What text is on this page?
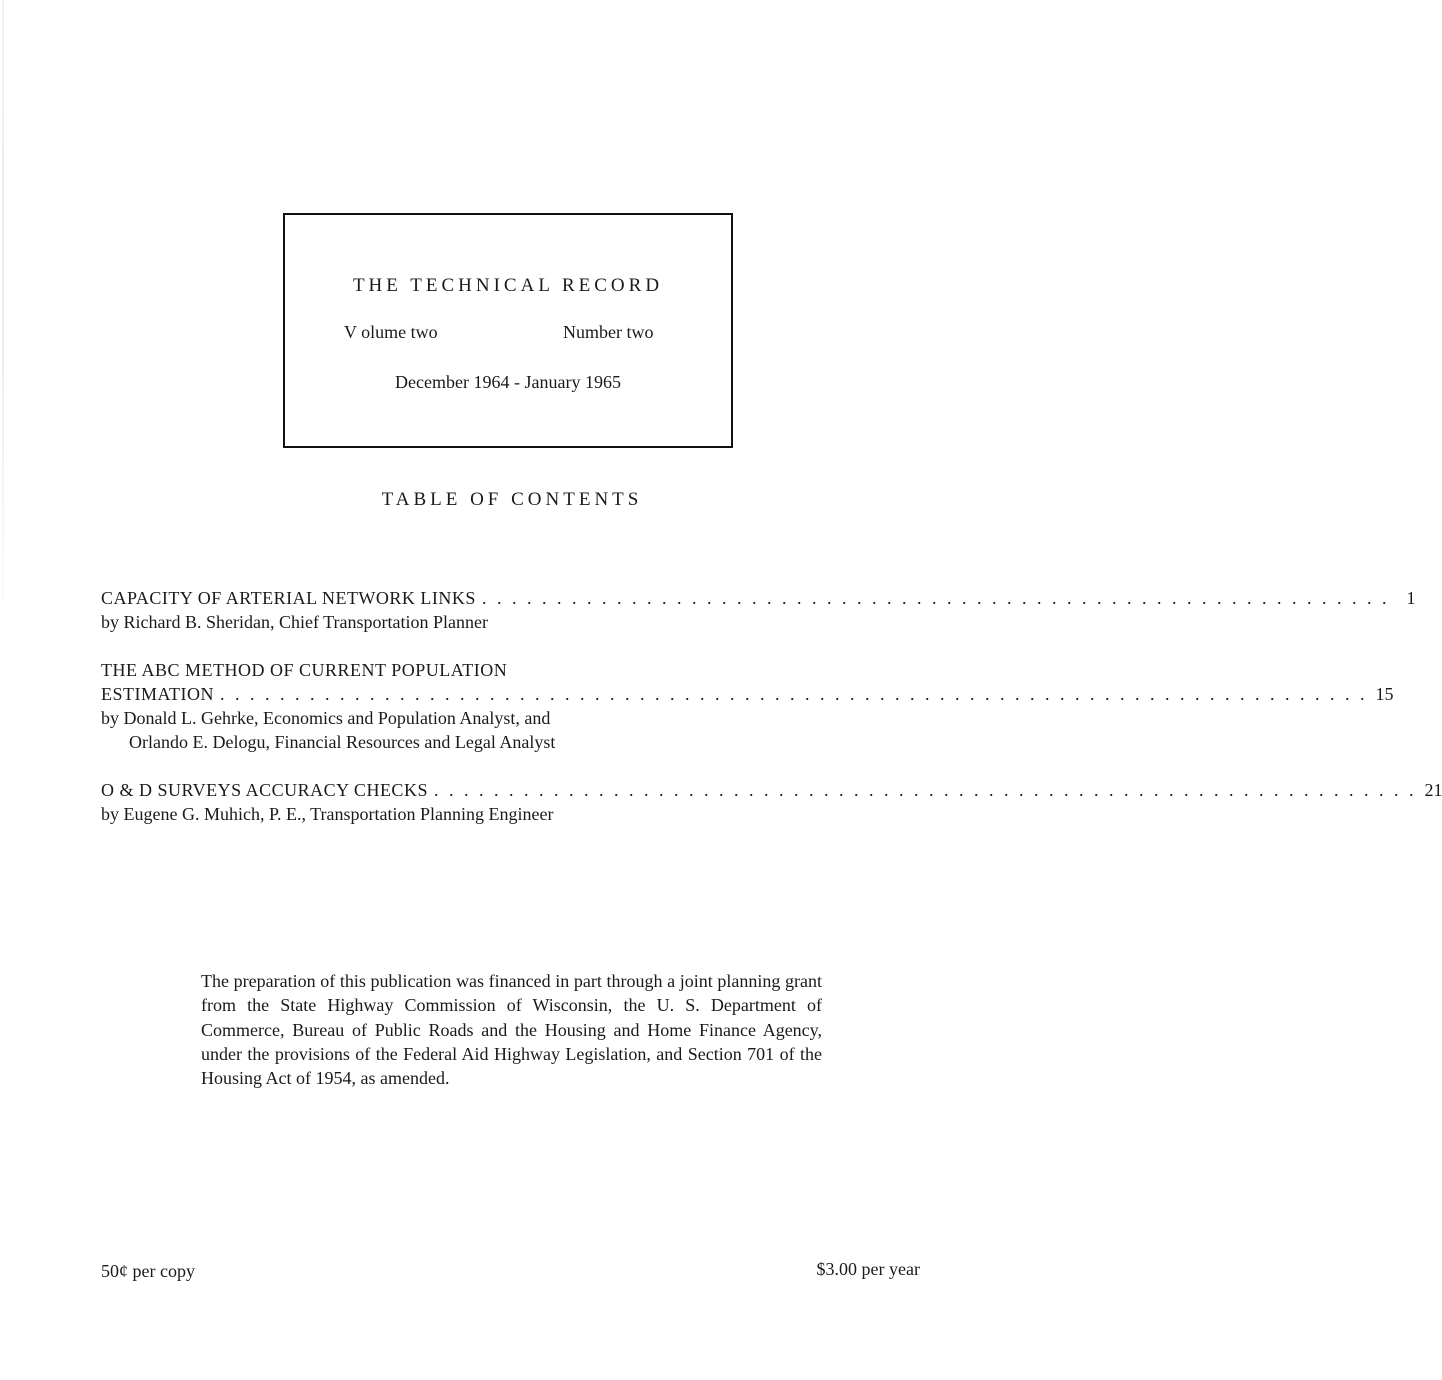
THE TECHNICAL RECORD
V olume two	Number two
December 1964 - January 1965
TABLE OF CONTENTS
CAPACITY OF ARTERIAL NETWORK LINKS . . . . . . . . . . . . . . . . . . . . . . . . . . . . . . . . . . . . . . . . . . . . . . . . . . . . . . . . . . . . . 1
by Richard B. Sheridan, Chief Transportation Planner
THE ABC METHOD OF CURRENT POPULATION
ESTIMATION . . . . . . . . . . . . . . . . . . . . . . . . . . . . . . . . . . . . . . . . . . . . . . . . . . . . . . . . . . . . . . . . . . . . . . . . . . . . . 15
by Donald L. Gehrke, Economics and Population Analyst, and
Orlando E. Delogu, Financial Resources and Legal Analyst
O & D SURVEYS ACCURACY CHECKS . . . . . . . . . . . . . . . . . . . . . . . . . . . . . . . . . . . . . . . . . . . . . . . . . . . . . . . . . . . . . . . . . . 21
by Eugene G. Muhich, P. E., Transportation Planning Engineer
The preparation of this publication was financed in part through a joint planning grant from the State Highway Commission of Wisconsin, the U. S. Department of Commerce, Bureau of Public Roads and the Housing and Home Finance Agency, under the provisions of the Federal Aid Highway Legislation, and Section 701 of the Housing Act of 1954, as amended.
50¢ per copy	$3.00 per year
